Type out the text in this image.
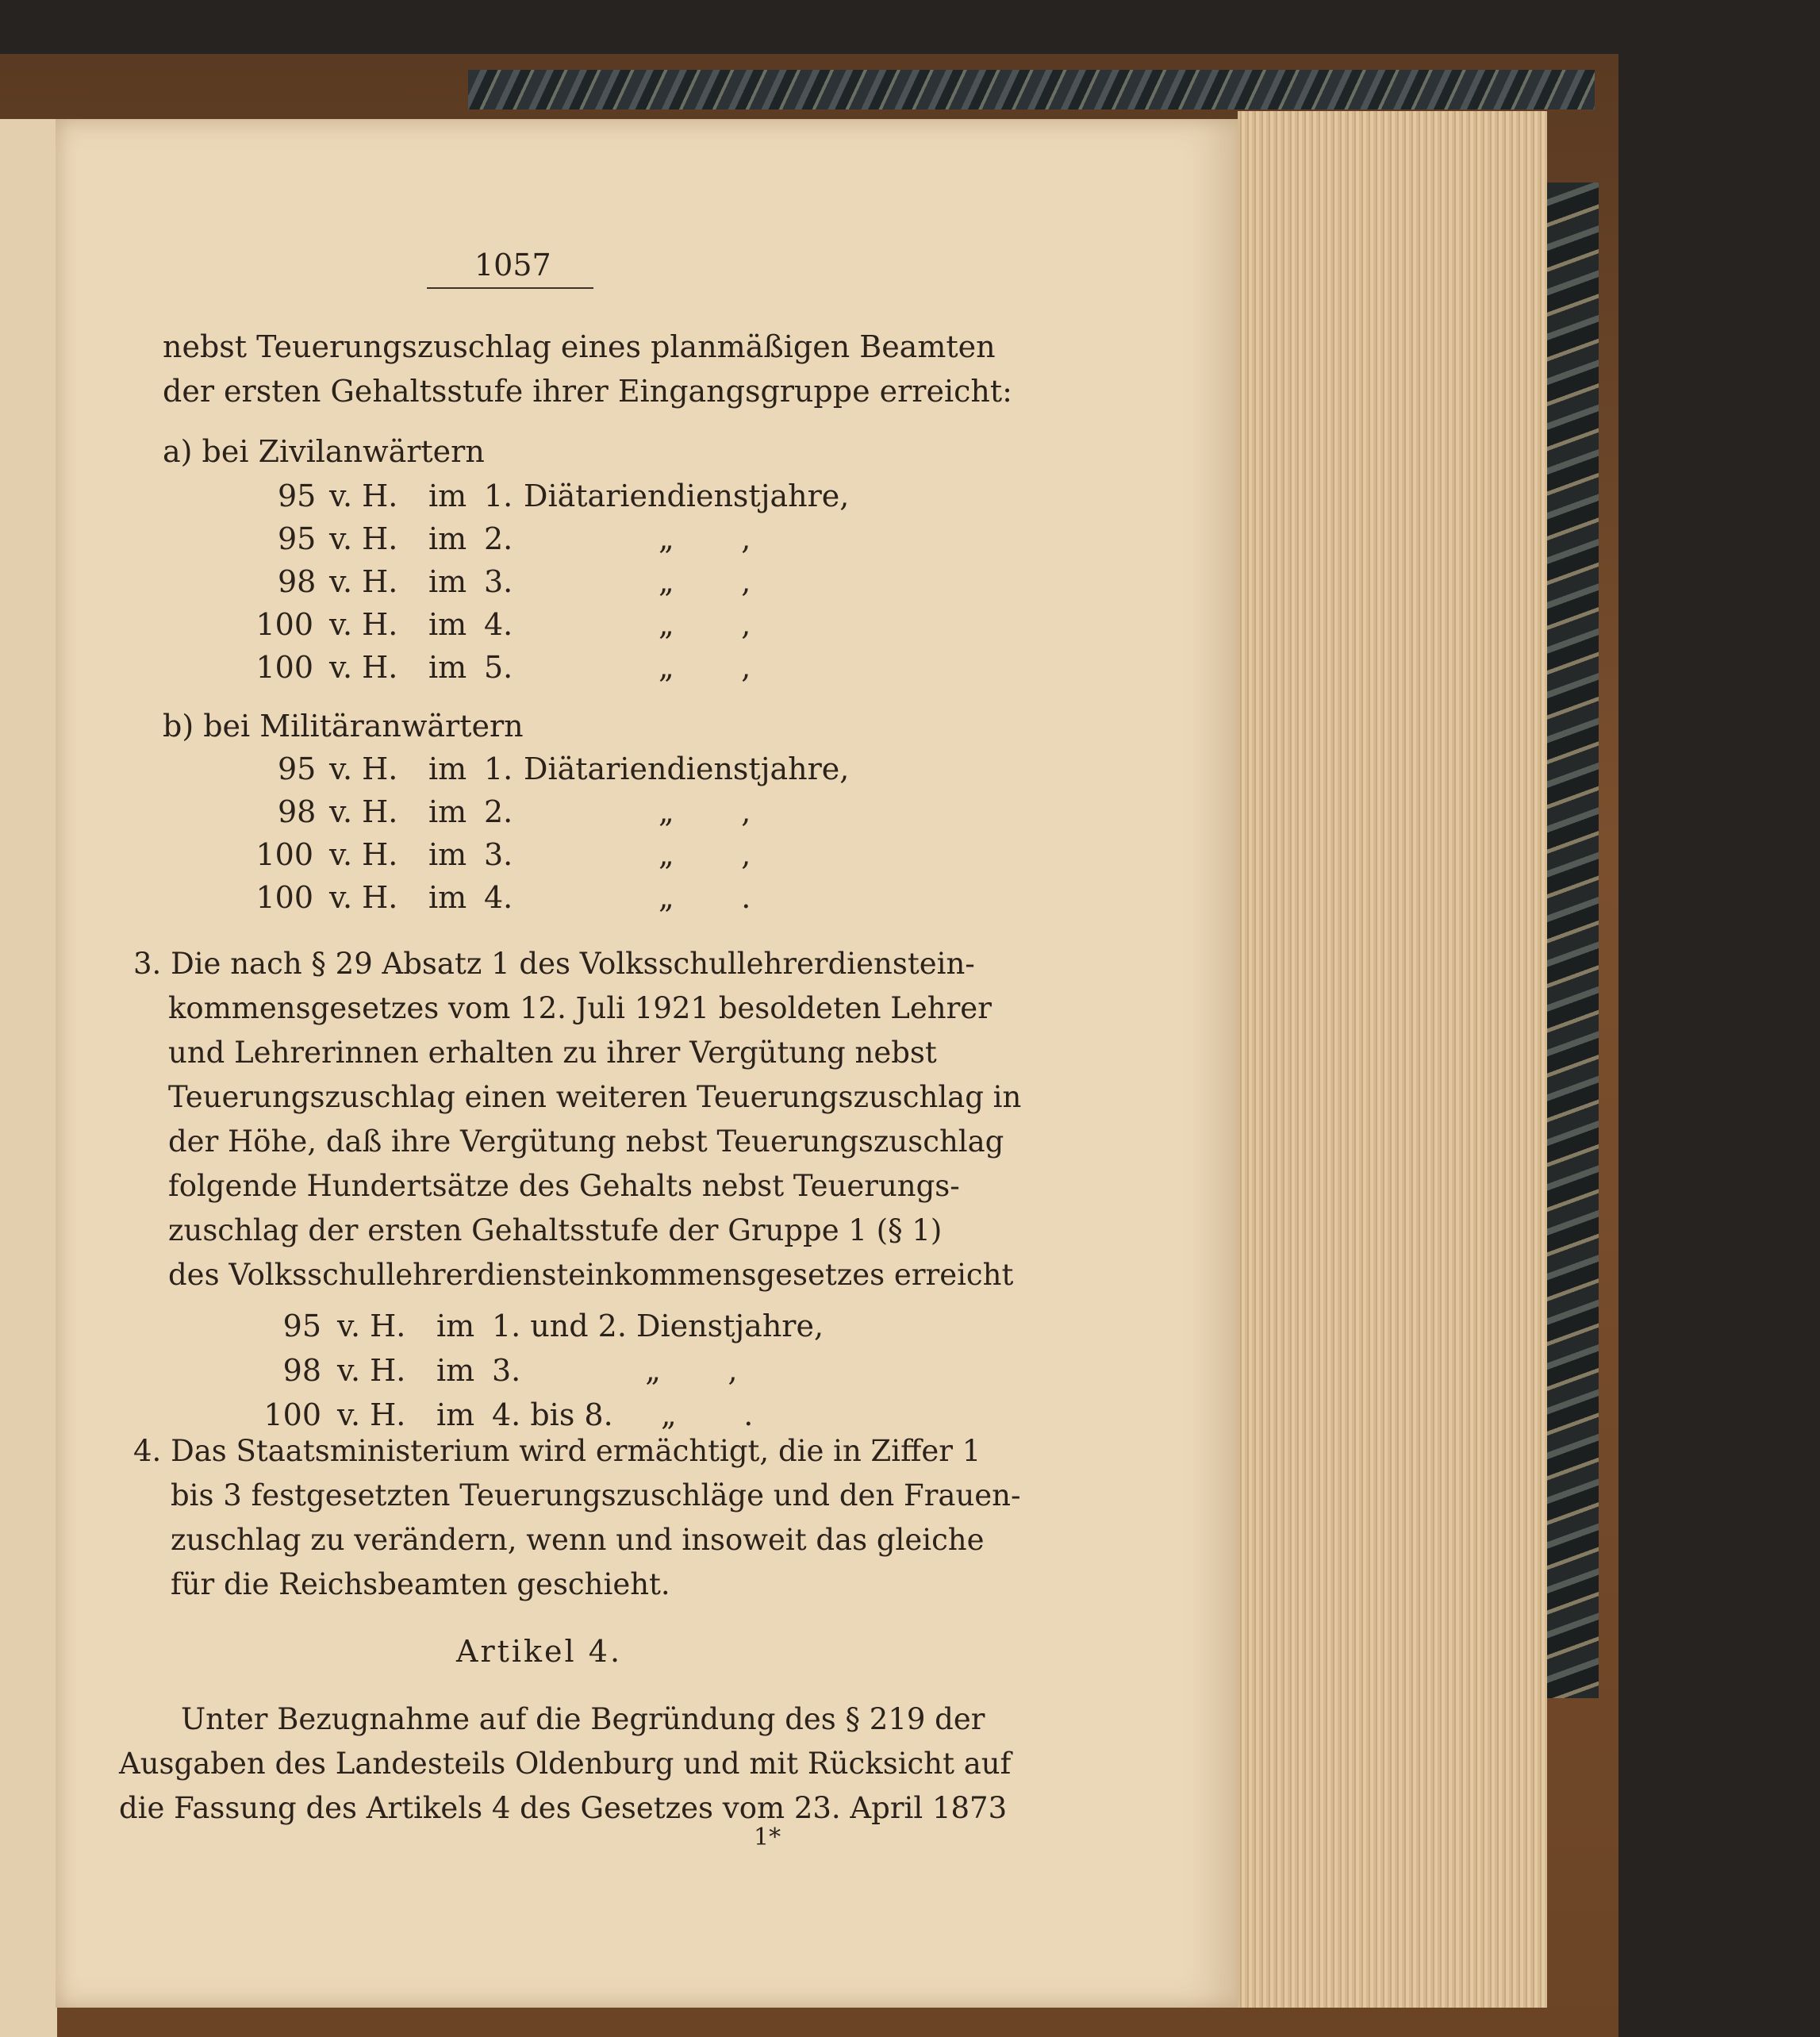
1057
nebst Teuerungszuschlag eines planmäßigen Beamten
der ersten Gehaltsstufe ihrer Eingangsgruppe erreicht:
a) bei Zivilanwärtern
95 v. H. im 1. Diätariendienstjahre,
95 v. H. im 2.	„       ,
98 v. H. im 3.	„       ,
100 v. H. im 4.	„       ,
100 v. H. im 5.	„       ,
b) bei Militäranwärtern
95 v. H. im 1. Diätariendienstjahre,
98 v. H. im 2.	„       ,
100 v. H. im 3.	„       ,
100 v. H. im 4.	„       .
3. Die nach § 29 Absatz 1 des Volksschullehrerdienstein-
kommensgesetzes vom 12. Juli 1921 besoldeten Lehrer
und Lehrerinnen erhalten zu ihrer Vergütung nebst
Teuerungszuschlag einen weiteren Teuerungszuschlag in
der Höhe, daß ihre Vergütung nebst Teuerungszuschlag
folgende Hundertsätze des Gehalts nebst Teuerungs-
zuschlag der ersten Gehaltsstufe der Gruppe 1 (§ 1)
des Volksschullehrerdiensteinkommensgesetzes erreicht
95 v. H. im 1. und 2. Dienstjahre,
98 v. H. im 3.             „       ,
100 v. H. im 4. bis 8.     „       .
4. Das Staatsministerium wird ermächtigt, die in Ziffer 1
bis 3 festgesetzten Teuerungszuschläge und den Frauen-
zuschlag zu verändern, wenn und insoweit das gleiche
für die Reichsbeamten geschieht.
Artikel 4.
Unter Bezugnahme auf die Begründung des § 219 der
Ausgaben des Landesteils Oldenburg und mit Rücksicht auf
die Fassung des Artikels 4 des Gesetzes vom 23. April 1873
1*
